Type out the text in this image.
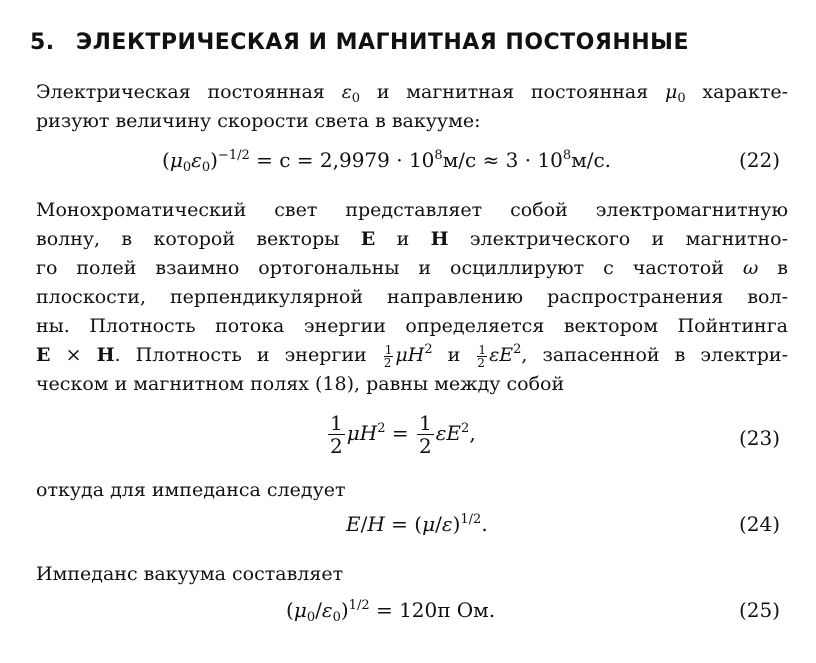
5. ЭЛЕКТРИЧЕСКАЯ И МАГНИТНАЯ ПОСТОЯННЫЕ
Электрическая постоянная $\varepsilon_0$ и магнитная постоянная $\mu_0$ характе-
ризуют величину скорости света в вакууме:
$(\mu_0\varepsilon_0)^{-1/2} = c = 2,9979 \cdot 10^8м/с \approx 3 \cdot 10^8м/с$.	(22)
Монохроматический свет представляет собой электромагнитную
волну, в которой векторы E и H электрического и магнитно-
го полей взаимно ортогональны и осциллируют с частотой ω в
плоскости, перпендикулярной направлению распространения вол-
ны. Плотность потока энергии определяется вектором Пойнтинга
E × H. Плотность и энергии $\frac{1}{2} \mu H^2$ и $\frac{1}{2} \varepsilon E^2$, запасенной в электри-
ческом и магнитном полях (18), равны между собой
$\frac{1}{2} \mu H^2 = \frac{1}{2} \varepsilon E^2$,	(23)
откуда для импеданса следует
$E/H = (\mu/\varepsilon)^{1/2}$.	(24)
Импеданс вакуума составляет
$(\mu_0/\varepsilon_0)^{1/2} = 120\pi$ Ом.	(25)
